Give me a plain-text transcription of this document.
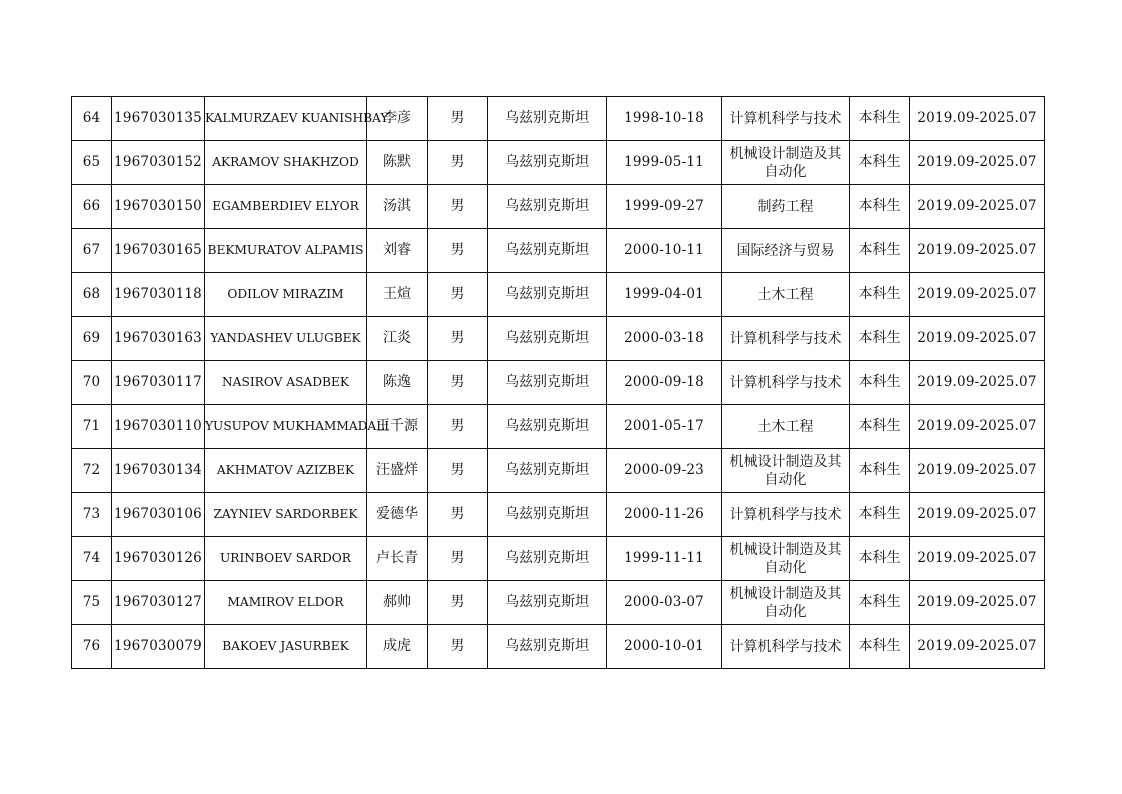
64	1967030135	KALMURZAEV KUANISHBAY	李彦	男	乌兹别克斯坦	1998-10-18	计算机科学与技术	本科生	2019.09-2025.07
65	1967030152	AKRAMOV SHAKHZOD	陈默	男	乌兹别克斯坦	1999-05-11	机械设计制造及其自动化	本科生	2019.09-2025.07
66	1967030150	EGAMBERDIEV ELYOR	汤淇	男	乌兹别克斯坦	1999-09-27	制药工程	本科生	2019.09-2025.07
67	1967030165	BEKMURATOV ALPAMIS	刘睿	男	乌兹别克斯坦	2000-10-11	国际经济与贸易	本科生	2019.09-2025.07
68	1967030118	ODILOV MIRAZIM	王煊	男	乌兹别克斯坦	1999-04-01	土木工程	本科生	2019.09-2025.07
69	1967030163	YANDASHEV ULUGBEK	江炎	男	乌兹别克斯坦	2000-03-18	计算机科学与技术	本科生	2019.09-2025.07
70	1967030117	NASIROV ASADBEK	陈逸	男	乌兹别克斯坦	2000-09-18	计算机科学与技术	本科生	2019.09-2025.07
71	1967030110	YUSUPOV MUKHAMMADALI	王千源	男	乌兹别克斯坦	2001-05-17	土木工程	本科生	2019.09-2025.07
72	1967030134	AKHMATOV AZIZBEK	汪盛烊	男	乌兹别克斯坦	2000-09-23	机械设计制造及其自动化	本科生	2019.09-2025.07
73	1967030106	ZAYNIEV SARDORBEK	爱德华	男	乌兹别克斯坦	2000-11-26	计算机科学与技术	本科生	2019.09-2025.07
74	1967030126	URINBOEV SARDOR	卢长青	男	乌兹别克斯坦	1999-11-11	机械设计制造及其自动化	本科生	2019.09-2025.07
75	1967030127	MAMIROV ELDOR	郝帅	男	乌兹别克斯坦	2000-03-07	机械设计制造及其自动化	本科生	2019.09-2025.07
76	1967030079	BAKOEV JASURBEK	成虎	男	乌兹别克斯坦	2000-10-01	计算机科学与技术	本科生	2019.09-2025.07
